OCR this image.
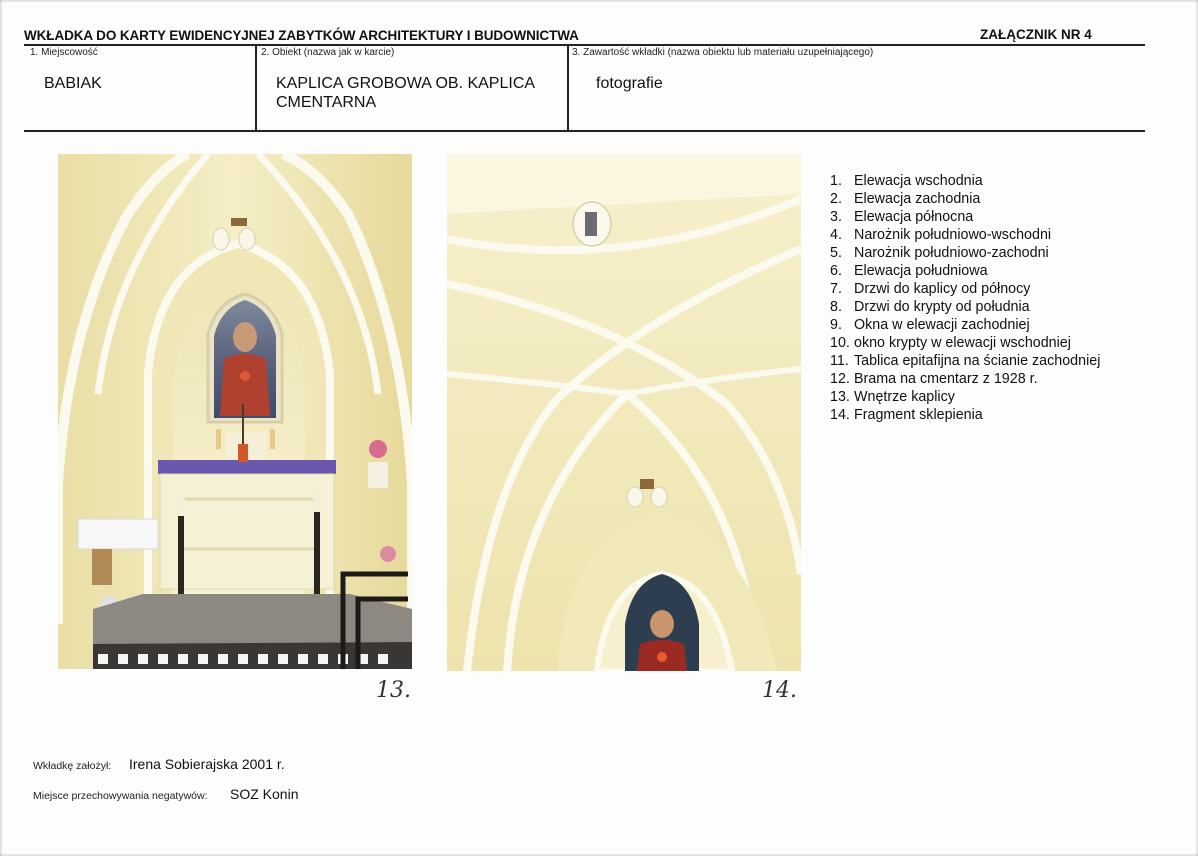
WKŁADKA DO KARTY EWIDENCYJNEJ ZABYTKÓW ARCHITEKTURY I BUDOWNICTWA	ZAŁĄCZNIK NR 4
1. Miejscowość
BABIAK
2. Obiekt (nazwa jak w karcie)
KAPLICA GROBOWA OB. KAPLICA
CMENTARNA
3. Zawartość wkładki (nazwa obiektu lub materiału uzupełniającego)
fotografie
13.	14.
1. Elewacja wschodnia
2. Elewacja zachodnia
3. Elewacja północna
4. Narożnik południowo-wschodni
5. Narożnik południowo-zachodni
6. Elewacja południowa
7. Drzwi do kaplicy od północy
8. Drzwi do krypty od południa
9. Okna w elewacji zachodniej
10. okno krypty w elewacji wschodniej
11. Tablica epitafijna na ścianie zachodniej
12. Brama na cmentarz z 1928 r.
13. Wnętrze kaplicy
14. Fragment sklepienia
Wkładkę założył: Irena Sobierajska 2001 r.
Miejsce przechowywania negatywów: SOZ Konin
